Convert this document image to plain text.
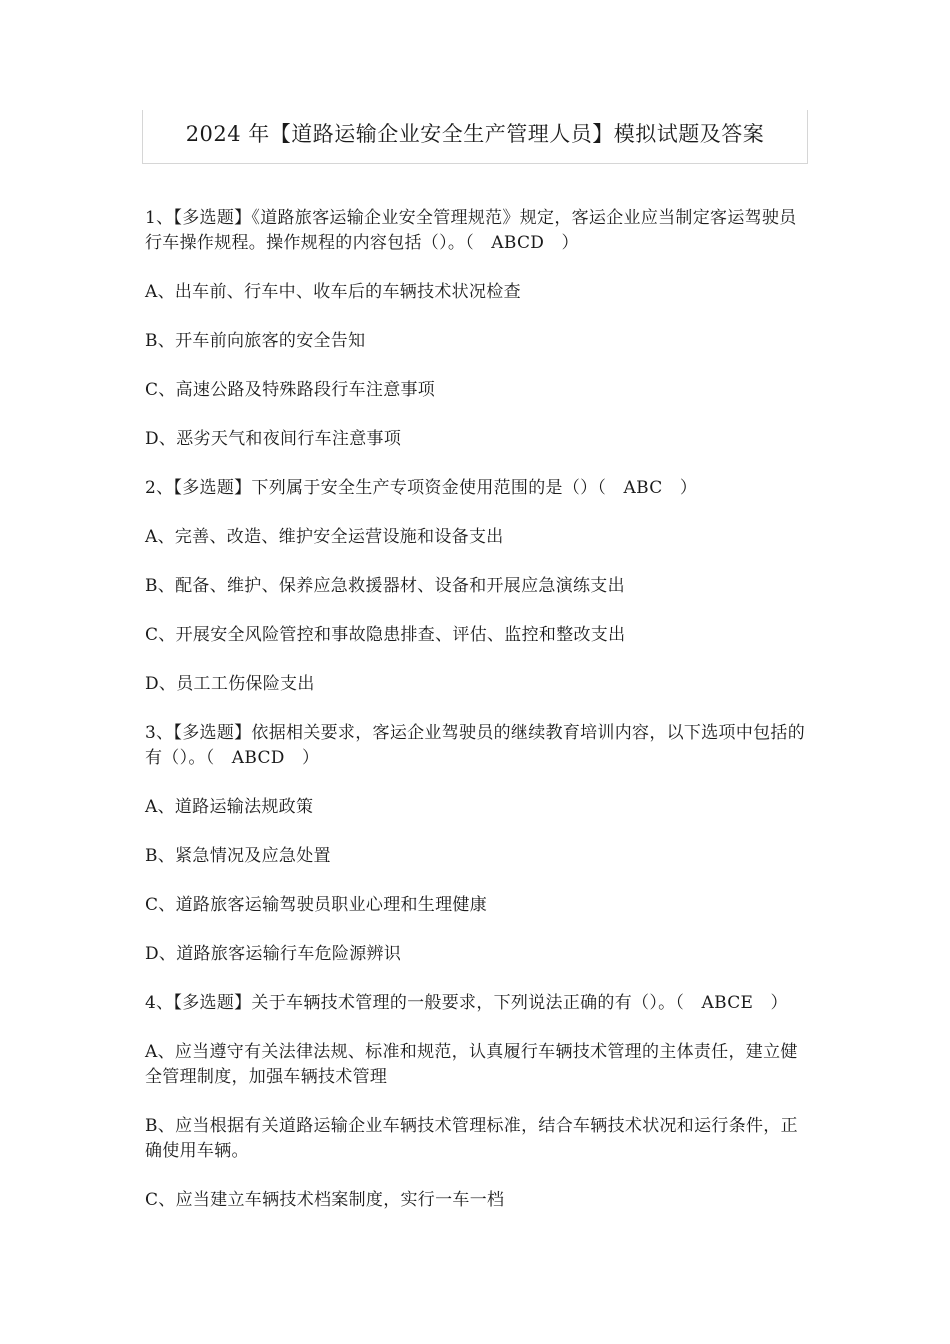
2024 年【道路运输企业安全生产管理人员】模拟试题及答案

1、【多选题】《道路旅客运输企业安全管理规范》规定，客运企业应当制定客运驾驶员行车操作规程。操作规程的内容包括（）。（　ABCD　）

A、出车前、行车中、收车后的车辆技术状况检查

B、开车前向旅客的安全告知

C、高速公路及特殊路段行车注意事项

D、恶劣天气和夜间行车注意事项

2、【多选题】下列属于安全生产专项资金使用范围的是（）（　ABC　）

A、完善、改造、维护安全运营设施和设备支出

B、配备、维护、保养应急救援器材、设备和开展应急演练支出

C、开展安全风险管控和事故隐患排查、评估、监控和整改支出

D、员工工伤保险支出

3、【多选题】依据相关要求，客运企业驾驶员的继续教育培训内容，以下选项中包括的有（）。（　ABCD　）

A、道路运输法规政策

B、紧急情况及应急处置

C、道路旅客运输驾驶员职业心理和生理健康

D、道路旅客运输行车危险源辨识

4、【多选题】关于车辆技术管理的一般要求，下列说法正确的有（）。（　ABCE　）

A、应当遵守有关法律法规、标准和规范，认真履行车辆技术管理的主体责任，建立健全管理制度，加强车辆技术管理

B、应当根据有关道路运输企业车辆技术管理标准，结合车辆技术状况和运行条件，正确使用车辆。

C、应当建立车辆技术档案制度，实行一车一档
